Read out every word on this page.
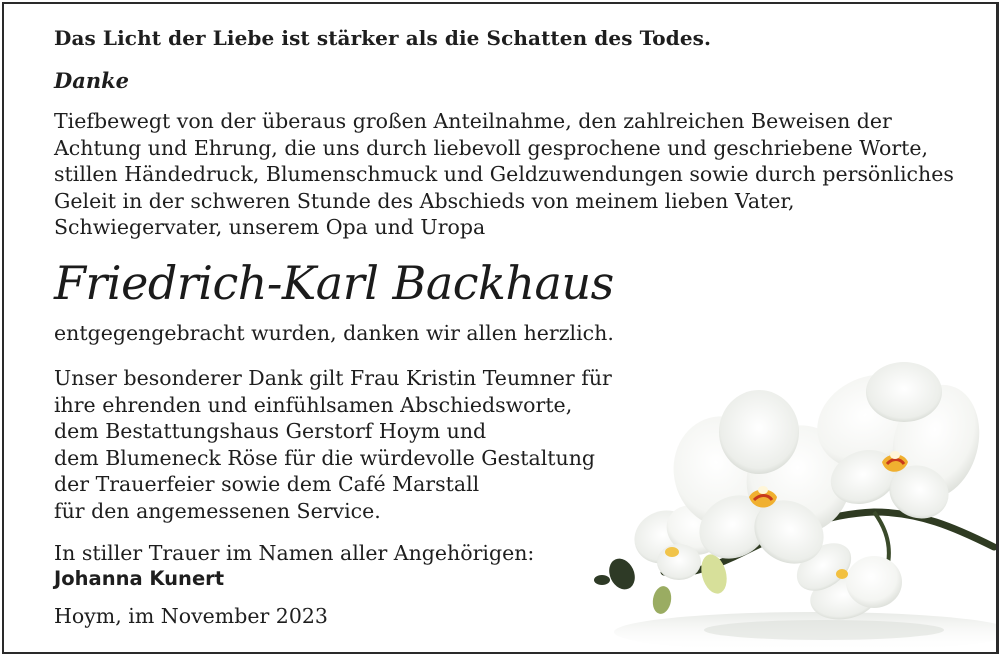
Das Licht der Liebe ist stärker als die Schatten des Todes.
Danke
Tiefbewegt von der überaus großen Anteilnahme, den zahlreichen Beweisen der
Achtung und Ehrung, die uns durch liebevoll gesprochene und geschriebene Worte,
stillen Händedruck, Blumenschmuck und Geldzuwendungen sowie durch persönliches
Geleit in der schweren Stunde des Abschieds von meinem lieben Vater,
Schwiegervater, unserem Opa und Uropa
Friedrich-Karl Backhaus
entgegengebracht wurden, danken wir allen herzlich.
Unser besonderer Dank gilt Frau Kristin Teumner für
ihre ehrenden und einfühlsamen Abschiedsworte,
dem Bestattungshaus Gerstorf Hoym und
dem Blumeneck Röse für die würdevolle Gestaltung
der Trauerfeier sowie dem Café Marstall
für den angemessenen Service.
In stiller Trauer im Namen aller Angehörigen:
Johanna Kunert
Hoym, im November 2023
